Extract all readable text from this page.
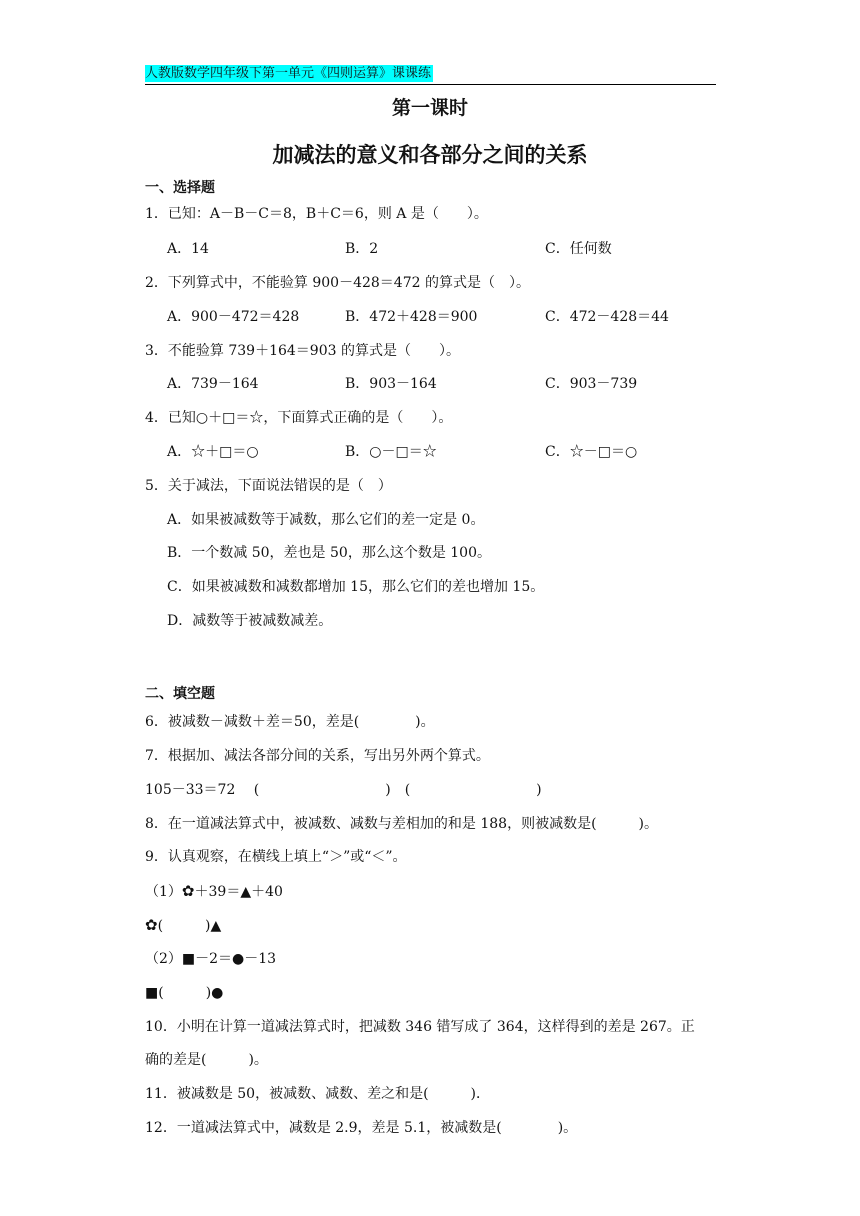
人教版数学四年级下第一单元《四则运算》课课练
第一课时
加减法的意义和各部分之间的关系
一、选择题
1．已知：A－B－C＝8，B＋C＝6，则 A 是（　　）。
A．14	B．2	C．任何数
2．下列算式中，不能验算 900－428＝472 的算式是（　）。
A．900－472＝428	B．472＋428＝900	C．472－428＝44
3．不能验算 739＋164＝903 的算式是（　　）。
A．739－164	B．903－164	C．903－739
4．已知○＋□＝☆，下面算式正确的是（　　）。
A．☆＋□＝○	B．○－□＝☆	C．☆－□＝○
5．关于减法，下面说法错误的是（　）
A．如果被减数等于减数，那么它们的差一定是 0。
B．一个数减 50，差也是 50，那么这个数是 100。
C．如果被减数和减数都增加 15，那么它们的差也增加 15。
D．减数等于被减数减差。
二、填空题
6．被减数－减数＋差＝50，差是(　　　　)。
7．根据加、减法各部分间的关系，写出另外两个算式。
105－33＝72　 (　　　　　　　　　)　(　　　　　　　　　)
8．在一道减法算式中，被减数、减数与差相加的和是 188，则被减数是(　　　)。
9．认真观察，在横线上填上“＞”或“＜”。
（1）✿＋39＝▲＋40
✿(　　　)▲
（2）■－2＝●－13
■(　　　)●
10．小明在计算一道减法算式时，把减数 346 错写成了 364，这样得到的差是 267。正
确的差是(　　　)。
11．被减数是 50，被减数、减数、差之和是(　　　)．
12．一道减法算式中，减数是 2.9，差是 5.1，被减数是(　　　　)。
